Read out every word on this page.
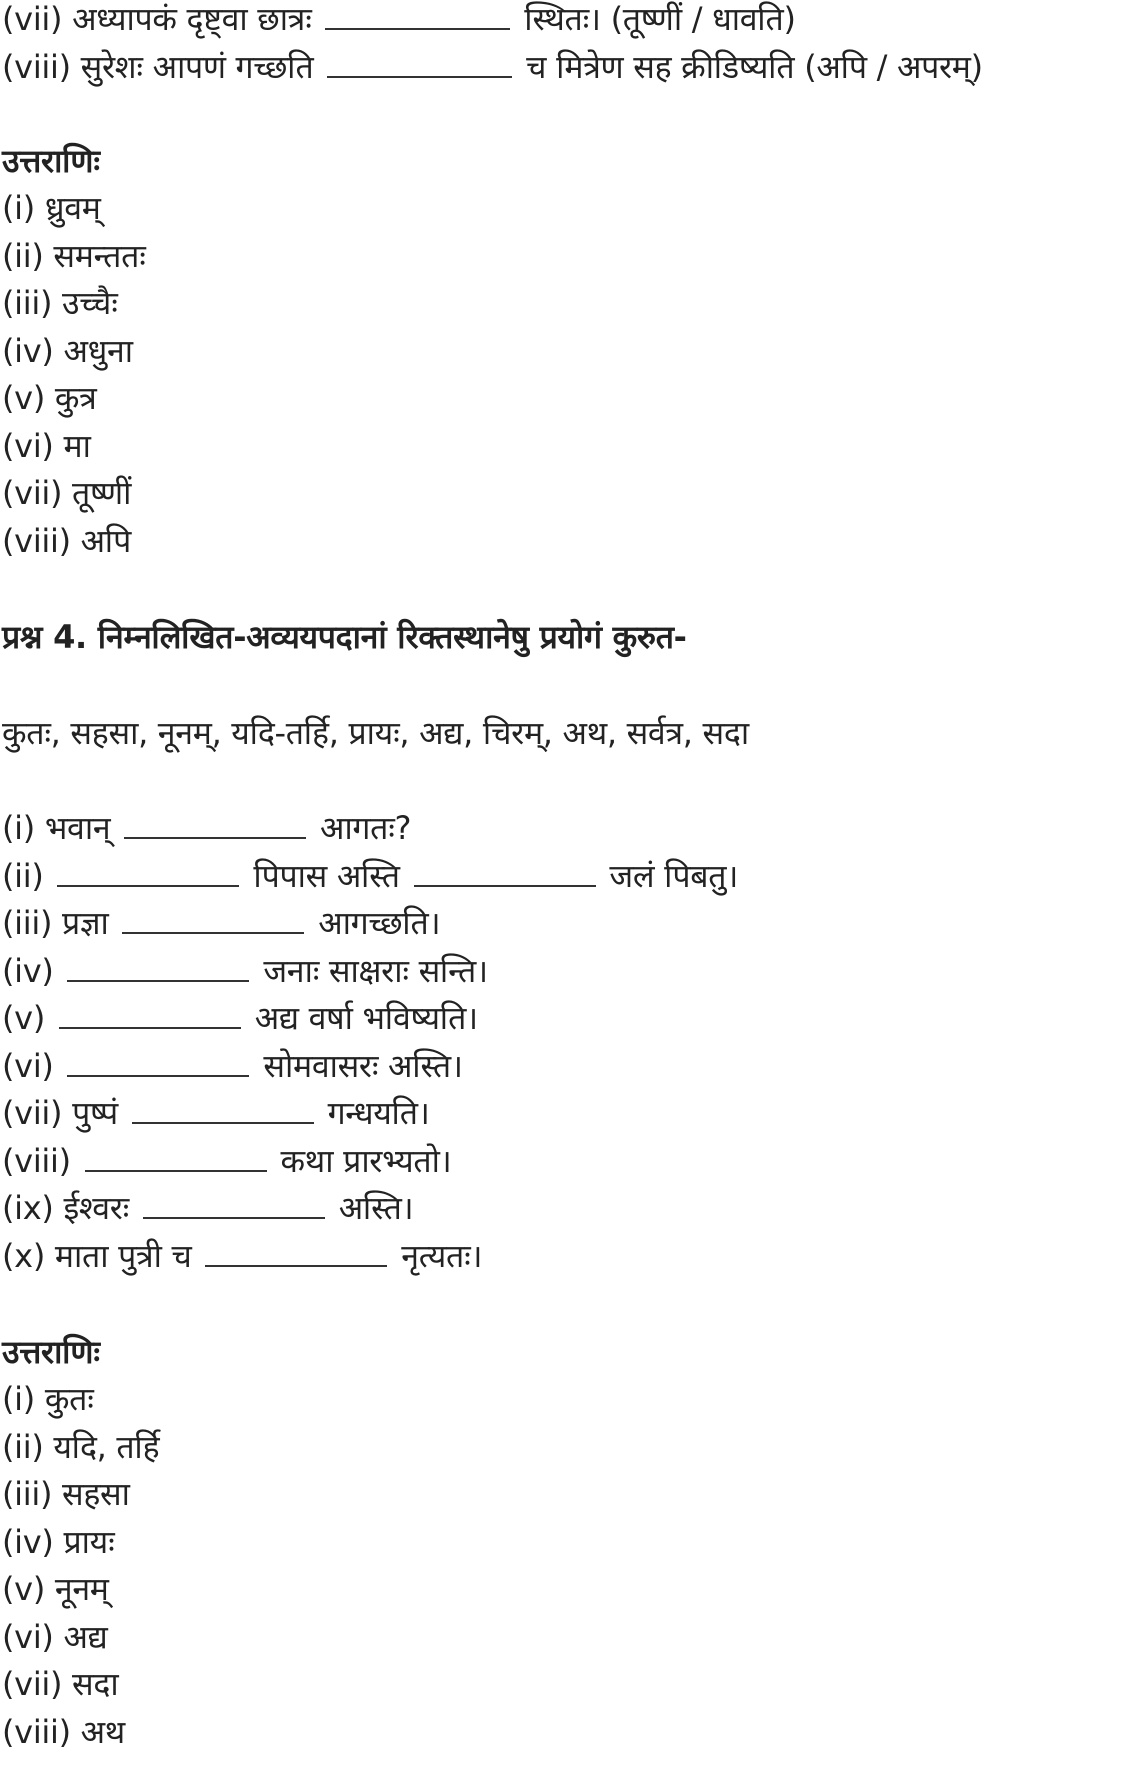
(vii) अध्यापकं दृष्ट्वा छात्रः	स्थितः। (तूष्णीं / धावति)
(viii) सुरेशः आपणं गच्छति	च मित्रेण सह क्रीडिष्यति (अपि / अपरम्)
उत्तराणिः
(i) ध्रुवम्
(ii) समन्ततः
(iii) उच्चैः
(iv) अधुना
(v) कुत्र
(vi) मा
(vii) तूष्णीं
(viii) अपि
प्रश्न 4. निम्नलिखित-अव्ययपदानां रिक्तस्थानेषु प्रयोगं कुरुत-
कुतः, सहसा, नूनम्, यदि-तर्हि, प्रायः, अद्य, चिरम्, अथ, सर्वत्र, सदा
(i) भवान्	आगतः?
(ii)	पिपास अस्ति	जलं पिबतु।
(iii) प्रज्ञा	आगच्छति।
(iv)	जनाः साक्षराः सन्ति।
(v)	अद्य वर्षा भविष्यति।
(vi)	सोमवासरः अस्ति।
(vii) पुष्पं	गन्धयति।
(viii)	कथा प्रारभ्यतो।
(ix) ईश्वरः	अस्ति।
(x) माता पुत्री च	नृत्यतः।
उत्तराणिः
(i) कुतः
(ii) यदि, तर्हि
(iii) सहसा
(iv) प्रायः
(v) नूनम्
(vi) अद्य
(vii) सदा
(viii) अथ
